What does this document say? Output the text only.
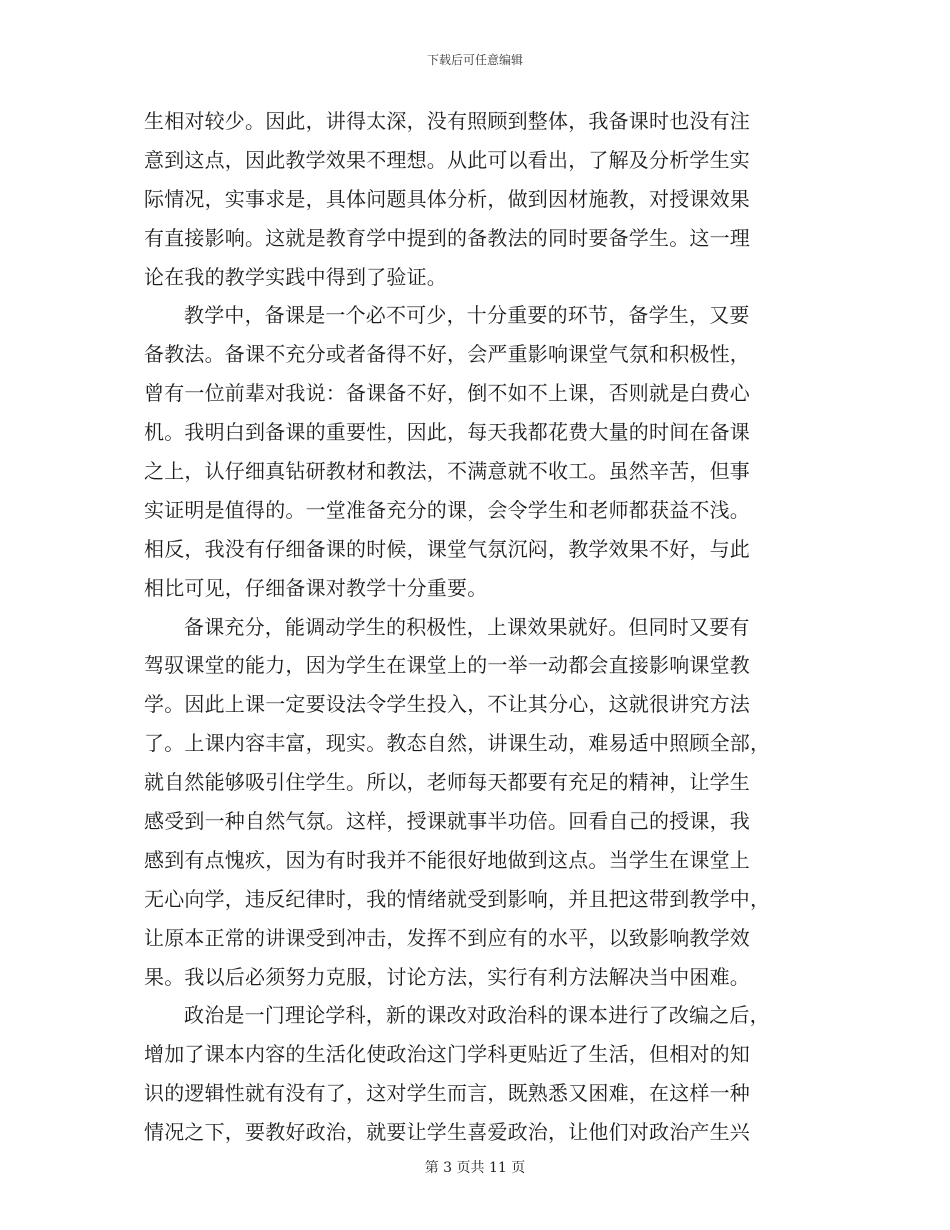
下载后可任意编辑
生相对较少。因此，讲得太深，没有照顾到整体，我备课时也没有注
意到这点，因此教学效果不理想。从此可以看出，了解及分析学生实
际情况，实事求是，具体问题具体分析，做到因材施教，对授课效果
有直接影响。这就是教育学中提到的备教法的同时要备学生。这一理
论在我的教学实践中得到了验证。
教学中，备课是一个必不可少，十分重要的环节，备学生，又要
备教法。备课不充分或者备得不好，会严重影响课堂气氛和积极性，
曾有一位前辈对我说：备课备不好，倒不如不上课，否则就是白费心
机。我明白到备课的重要性，因此，每天我都花费大量的时间在备课
之上，认仔细真钻研教材和教法，不满意就不收工。虽然辛苦，但事
实证明是值得的。一堂准备充分的课，会令学生和老师都获益不浅。
相反，我没有仔细备课的时候，课堂气氛沉闷，教学效果不好，与此
相比可见，仔细备课对教学十分重要。
备课充分，能调动学生的积极性，上课效果就好。但同时又要有
驾驭课堂的能力，因为学生在课堂上的一举一动都会直接影响课堂教
学。因此上课一定要设法令学生投入，不让其分心，这就很讲究方法
了。上课内容丰富，现实。教态自然，讲课生动，难易适中照顾全部，
就自然能够吸引住学生。所以，老师每天都要有充足的精神，让学生
感受到一种自然气氛。这样，授课就事半功倍。回看自己的授课，我
感到有点愧疚，因为有时我并不能很好地做到这点。当学生在课堂上
无心向学，违反纪律时，我的情绪就受到影响，并且把这带到教学中，
让原本正常的讲课受到冲击，发挥不到应有的水平，以致影响教学效
果。我以后必须努力克服，讨论方法，实行有利方法解决当中困难。
政治是一门理论学科，新的课改对政治科的课本进行了改编之后，
增加了课本内容的生活化使政治这门学科更贴近了生活，但相对的知
识的逻辑性就有没有了，这对学生而言，既熟悉又困难，在这样一种
情况之下，要教好政治，就要让学生喜爱政治，让他们对政治产生兴
第 3 页共 11 页
